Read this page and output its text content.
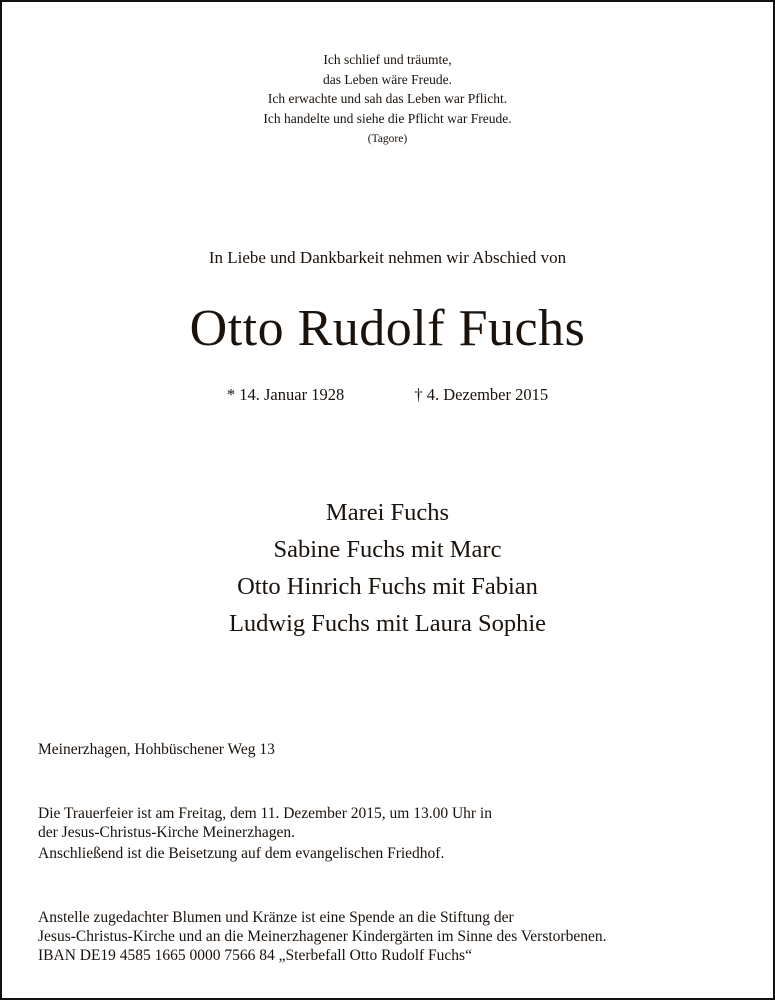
Ich schlief und träumte,
das Leben wäre Freude.
Ich erwachte und sah das Leben war Pflicht.
Ich handelte und siehe die Pflicht war Freude.
(Tagore)
In Liebe und Dankbarkeit nehmen wir Abschied von
Otto Rudolf Fuchs
* 14. Januar 1928	† 4. Dezember 2015
Marei Fuchs
Sabine Fuchs mit Marc
Otto Hinrich Fuchs mit Fabian
Ludwig Fuchs mit Laura Sophie
Meinerzhagen, Hohbüschener Weg 13
Die Trauerfeier ist am Freitag, dem 11. Dezember 2015, um 13.00 Uhr in
der Jesus-Christus-Kirche Meinerzhagen.
Anschließend ist die Beisetzung auf dem evangelischen Friedhof.
Anstelle zugedachter Blumen und Kränze ist eine Spende an die Stiftung der
Jesus-Christus-Kirche und an die Meinerzhagener Kindergärten im Sinne des Verstorbenen.
IBAN DE19 4585 1665 0000 7566 84 „Sterbefall Otto Rudolf Fuchs“
